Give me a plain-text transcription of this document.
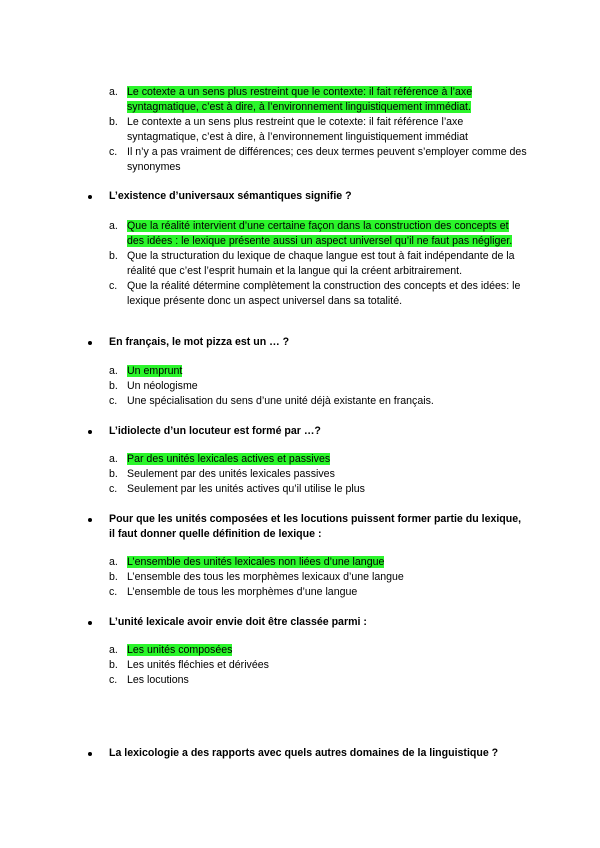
a. Le cotexte a un sens plus restreint que le contexte: il fait référence à l’axe syntagmatique, c’est à dire, à l’environnement linguistiquement immédiat.
b. Le contexte a un sens plus restreint que le cotexte: il fait référence l’axe syntagmatique, c’est à dire, à l’environnement linguistiquement immédiat
c. Il n’y a pas vraiment de différences; ces deux termes peuvent s’employer comme des synonymes
L’existence d’universaux sémantiques signifie ?
a. Que la réalité intervient d’une certaine façon dans la construction des concepts et des idées : le lexique présente aussi un aspect universel qu’il ne faut pas négliger.
b. Que la structuration du lexique de chaque langue est tout à fait indépendante de la réalité que c’est l’esprit humain et la langue qui la créent arbitrairement.
c. Que la réalité détermine complètement la construction des concepts et des idées: le lexique présente donc un aspect universel dans sa totalité.
En français, le mot pizza est un … ?
a. Un emprunt
b. Un néologisme
c. Une spécialisation du sens d’une unité déjà existante en français.
L’idiolecte d’un locuteur est formé par …?
a. Par des unités lexicales actives et passives
b. Seulement par des unités lexicales passives
c. Seulement par les unités actives qu’il utilise le plus
Pour que les unités composées et les locutions puissent former partie du lexique, il faut donner quelle définition de lexique :
a. L’ensemble des unités lexicales non liées d’une langue
b. L’ensemble des tous les morphèmes lexicaux d’une langue
c. L’ensemble de tous les morphèmes d’une langue
L’unité lexicale avoir envie doit être classée parmi :
a. Les unités composées
b. Les unités fléchies et dérivées
c. Les locutions
La lexicologie a des rapports avec quels autres domaines de la linguistique ?
